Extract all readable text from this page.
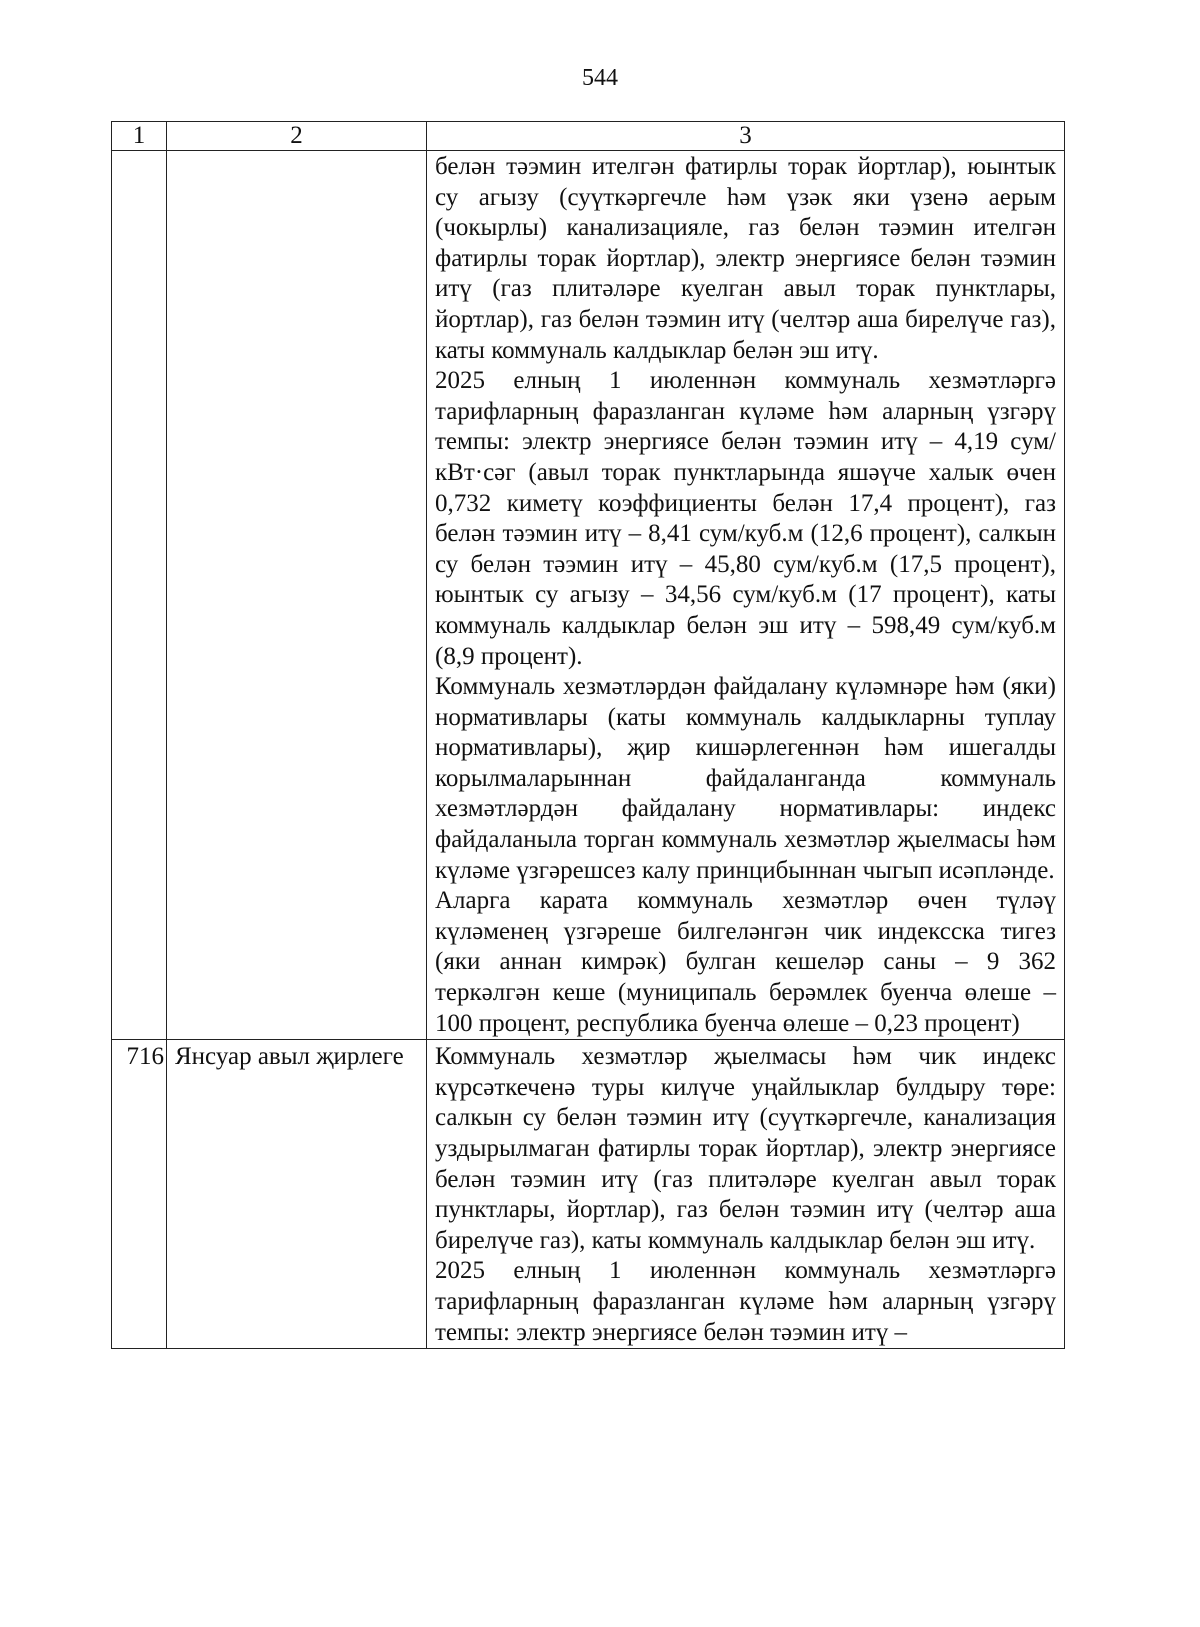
544
1	2	3

		белән тәэмин ителгән фатирлы торак йортлар), юынтык су агызу (суүткәргечле һәм үзәк яки үзенә аерым (чокырлы) канализацияле, газ белән тәэмин ителгән фатирлы торак йортлар), электр энергиясе белән тәэмин итү (газ плитәләре куелган авыл торак пунктлары, йортлар), газ белән тәэмин итү (челтәр аша бирелүче газ), каты коммуналь калдыклар белән эш итү.

2025 елның 1 июленнән коммуналь хезмәтләргә тарифларның фаразланган күләме һәм аларның үзгәрү темпы: электр энергиясе белән тәэмин итү – 4,19 сум/кВт·сәг (авыл торак пунктларында яшәүче халык өчен 0,732 киметү коэффициенты белән 17,4 процент), газ белән тәэмин итү – 8,41 сум/куб.м (12,6 процент), салкын су белән тәэмин итү – 45,80 сум/куб.м (17,5 процент), юынтык су агызу – 34,56 сум/куб.м (17 процент), каты коммуналь калдыклар белән эш итү – 598,49 сум/куб.м (8,9 процент).

Коммуналь хезмәтләрдән файдалану күләмнәре һәм (яки) нормативлары (каты коммуналь калдыкларны туплау нормативлары), җир кишәрлегеннән һәм ишегалды корылмаларыннан файдаланганда коммуналь хезмәтләрдән файдалану нормативлары: индекс файдаланыла торган коммуналь хезмәтләр җыелмасы һәм күләме үзгәрешсез калу принцибыннан чыгып исәпләнде.

Аларга карата коммуналь хезмәтләр өчен түләү күләменең үзгәреше билгеләнгән чик индексска тигез (яки аннан кимрәк) булган кешеләр саны – 9 362 теркәлгән кеше (муниципаль берәмлек буенча өлеше – 100 процент, республика буенча өлеше – 0,23 процент)

716	Янсуар авыл җирлеге	Коммуналь хезмәтләр җыелмасы һәм чик индекс күрсәткеченә туры килүче уңайлыклар булдыру төре: салкын су белән тәэмин итү (суүткәргечле, канализация уздырылмаган фатирлы торак йортлар), электр энергиясе белән тәэмин итү (газ плитәләре куелган авыл торак пунктлары, йортлар), газ белән тәэмин итү (челтәр аша бирелүче газ), каты коммуналь калдыклар белән эш итү.

2025 елның 1 июленнән коммуналь хезмәтләргә тарифларның фаразланган күләме һәм аларның үзгәрү темпы: электр энергиясе белән тәэмин итү –
